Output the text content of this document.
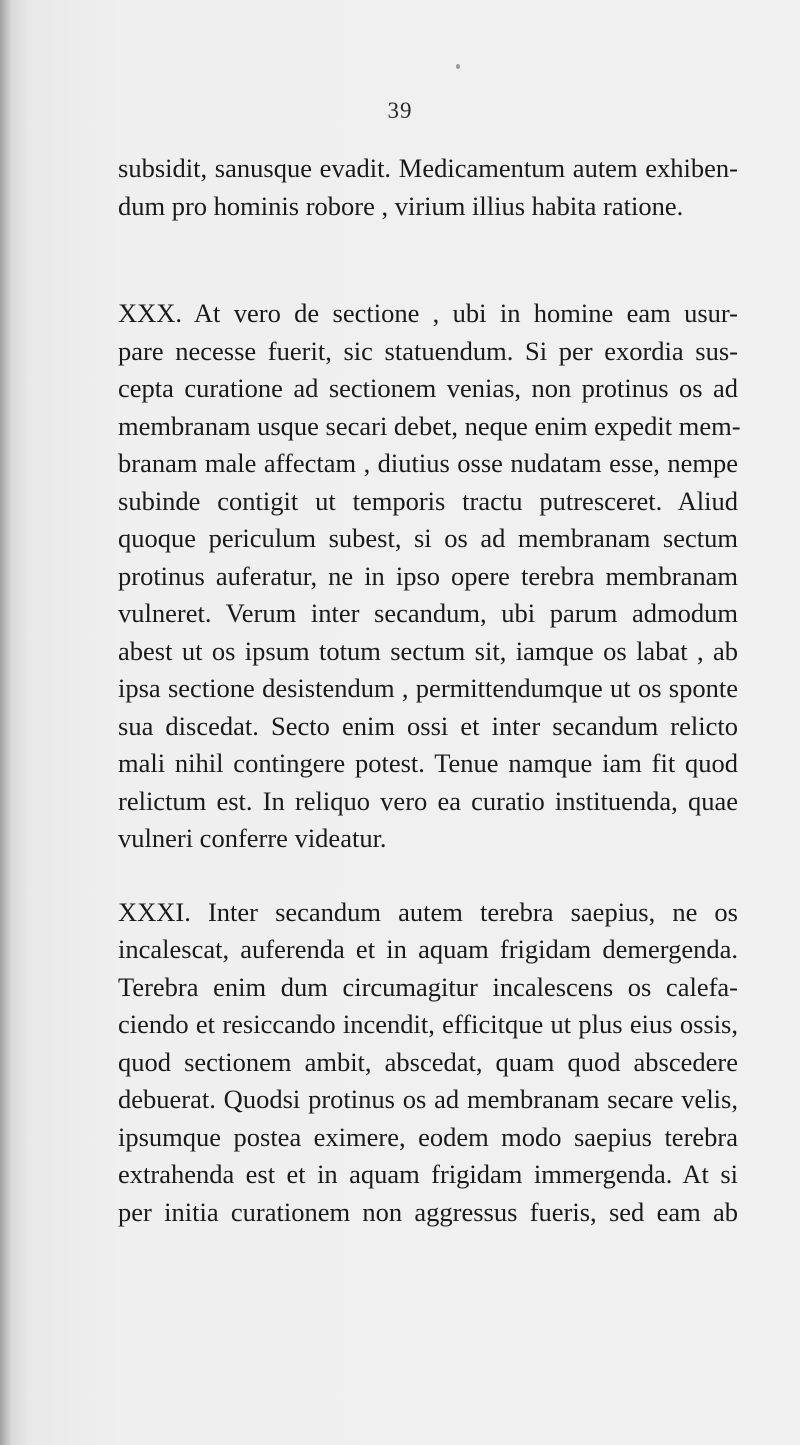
39
subsidit, sanusque evadit. Medicamentum autem exhiben-
dum pro hominis robore , virium illius habita ratione.
XXX. At vero de sectione , ubi in homine eam usur-
pare necesse fuerit, sic statuendum. Si per exordia sus-
cepta curatione ad sectionem venias, non protinus os ad
membranam usque secari debet, neque enim expedit mem-
branam male affectam , diutius osse nudatam esse, nempe
subinde contigit ut temporis tractu putresceret. Aliud
quoque periculum subest, si os ad membranam sectum
protinus auferatur, ne in ipso opere terebra membranam
vulneret. Verum inter secandum, ubi parum admodum
abest ut os ipsum totum sectum sit, iamque os labat , ab
ipsa sectione desistendum , permittendumque ut os sponte
sua discedat. Secto enim ossi et inter secandum relicto
mali nihil contingere potest. Tenue namque iam fit quod
relictum est. In reliquo vero ea curatio instituenda, quae
vulneri conferre videatur.
XXXI. Inter secandum autem terebra saepius, ne os
incalescat, auferenda et in aquam frigidam demergenda.
Terebra enim dum circumagitur incalescens os calefa-
ciendo et resiccando incendit, efficitque ut plus eius ossis,
quod sectionem ambit, abscedat, quam quod abscedere
debuerat. Quodsi protinus os ad membranam secare velis,
ipsumque postea eximere, eodem modo saepius terebra
extrahenda est et in aquam frigidam immergenda. At si
per initia curationem non aggressus fueris, sed eam ab
